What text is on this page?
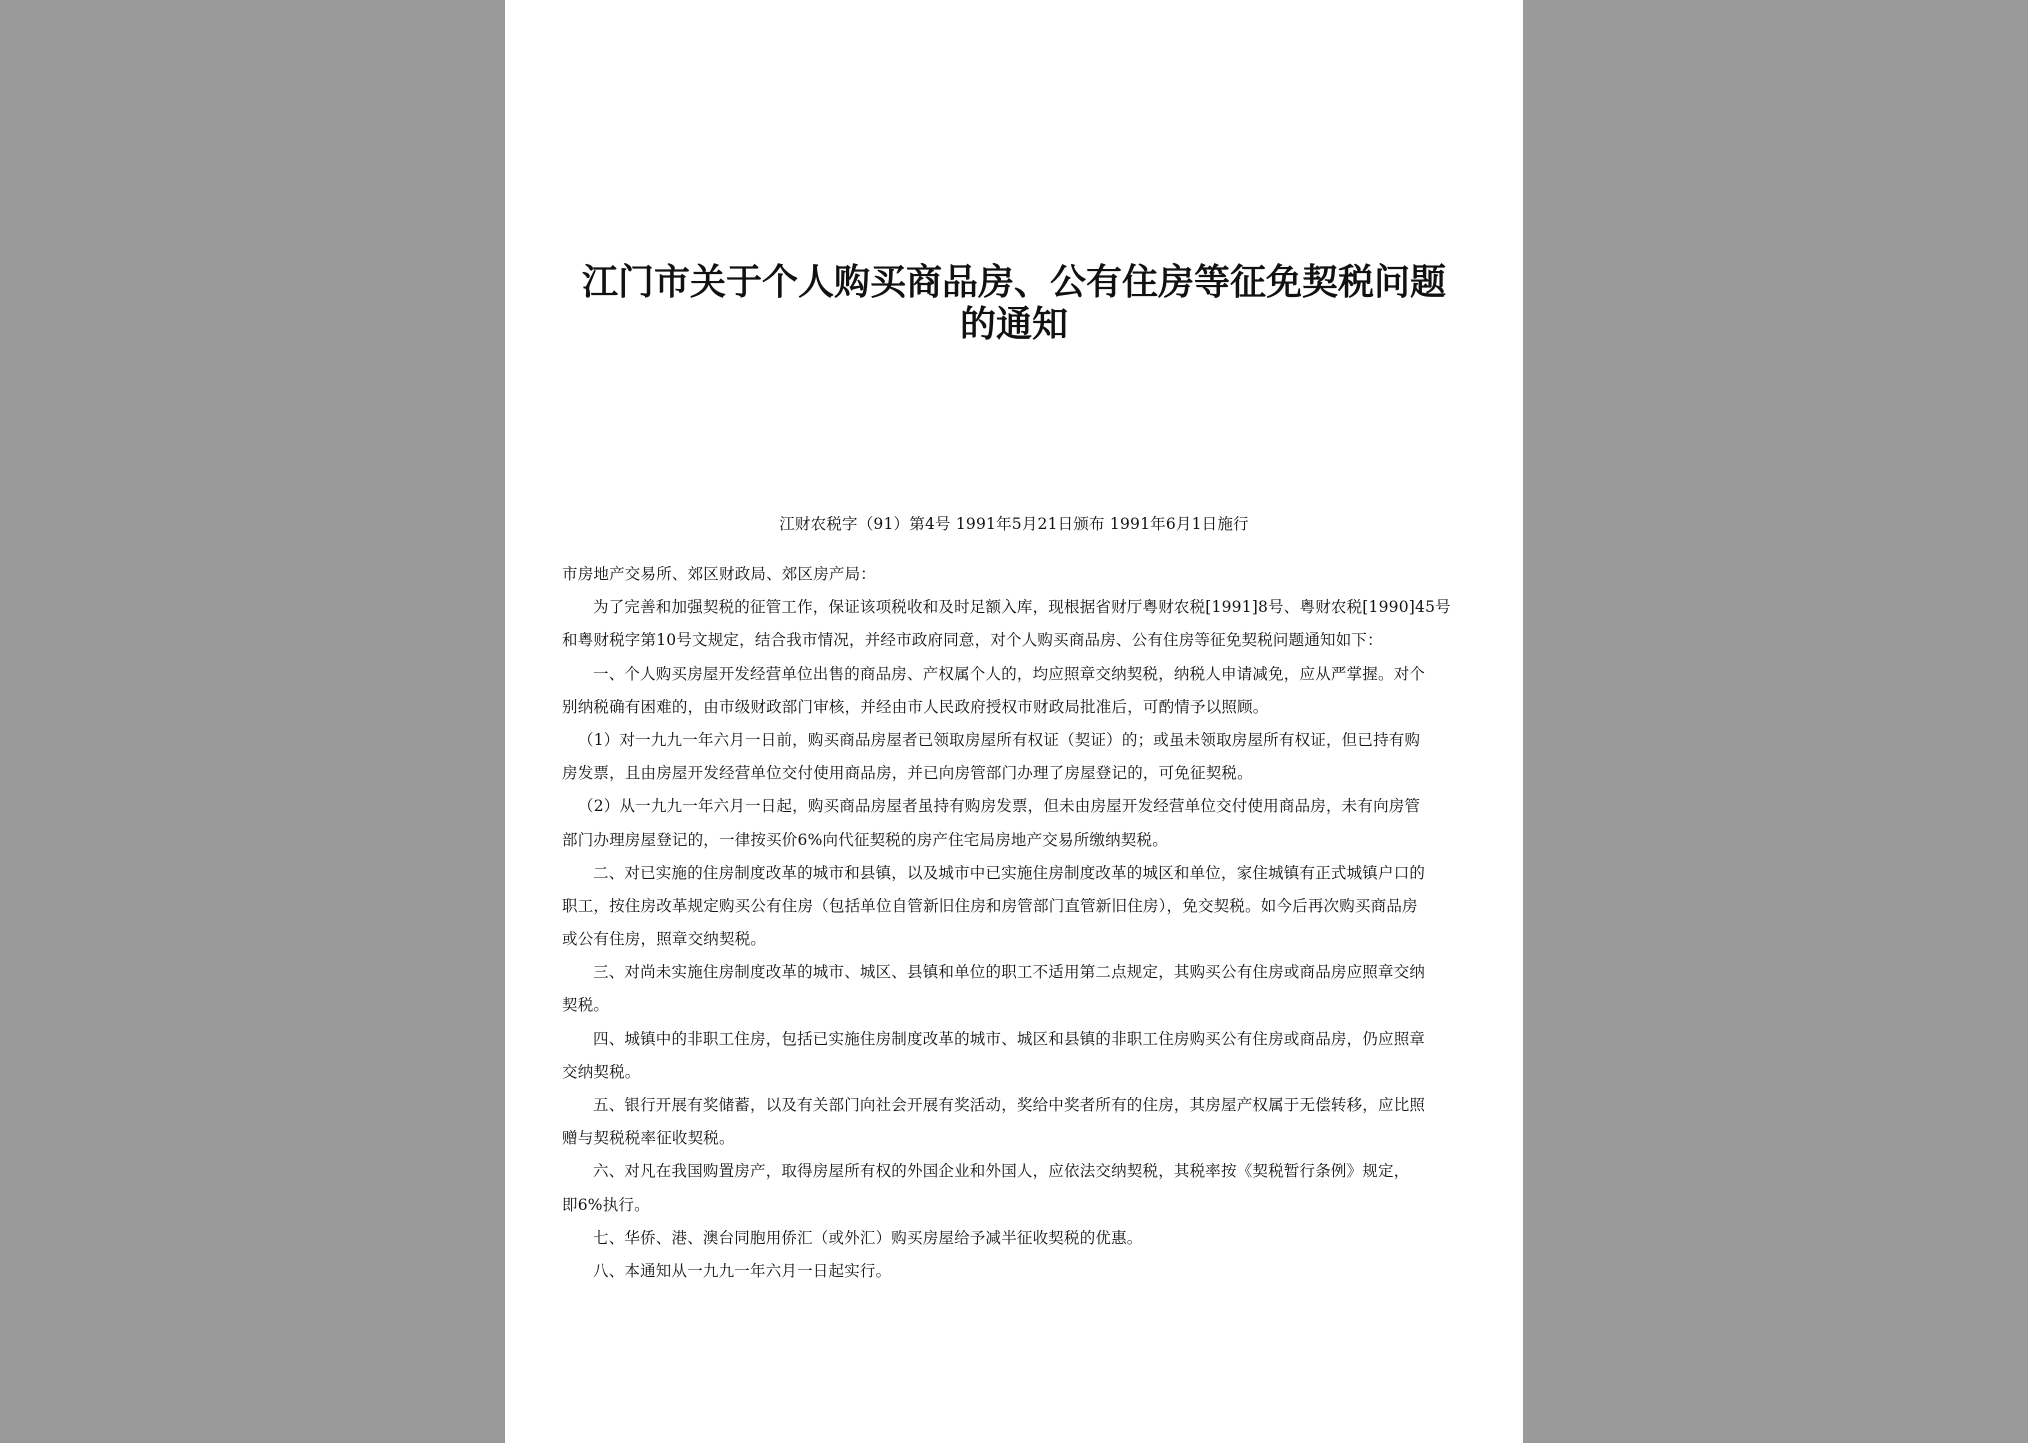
江门市关于个人购买商品房、公有住房等征免契税问题
的通知
江财农税字（91）第4号 1991年5月21日颁布 1991年6月1日施行
市房地产交易所、郊区财政局、郊区房产局：
为了完善和加强契税的征管工作，保证该项税收和及时足额入库，现根据省财厅粤财农税[1991]8号、粤财农税[1990]45号
和粤财税字第10号文规定，结合我市情况，并经市政府同意，对个人购买商品房、公有住房等征免契税问题通知如下：
一、个人购买房屋开发经营单位出售的商品房、产权属个人的，均应照章交纳契税，纳税人申请减免，应从严掌握。对个
别纳税确有困难的，由市级财政部门审核，并经由市人民政府授权市财政局批准后，可酌情予以照顾。
（1）对一九九一年六月一日前，购买商品房屋者已领取房屋所有权证（契证）的；或虽未领取房屋所有权证，但已持有购
房发票，且由房屋开发经营单位交付使用商品房，并已向房管部门办理了房屋登记的，可免征契税。
（2）从一九九一年六月一日起，购买商品房屋者虽持有购房发票，但未由房屋开发经营单位交付使用商品房，未有向房管
部门办理房屋登记的，一律按买价6%向代征契税的房产住宅局房地产交易所缴纳契税。
二、对已实施的住房制度改革的城市和县镇，以及城市中已实施住房制度改革的城区和单位，家住城镇有正式城镇户口的
职工，按住房改革规定购买公有住房（包括单位自管新旧住房和房管部门直管新旧住房），免交契税。如今后再次购买商品房
或公有住房，照章交纳契税。
三、对尚未实施住房制度改革的城市、城区、县镇和单位的职工不适用第二点规定，其购买公有住房或商品房应照章交纳
契税。
四、城镇中的非职工住房，包括已实施住房制度改革的城市、城区和县镇的非职工住房购买公有住房或商品房，仍应照章
交纳契税。
五、银行开展有奖储蓄，以及有关部门向社会开展有奖活动，奖给中奖者所有的住房，其房屋产权属于无偿转移，应比照
赠与契税税率征收契税。
六、对凡在我国购置房产，取得房屋所有权的外国企业和外国人，应依法交纳契税，其税率按《契税暂行条例》规定，
即6%执行。
七、华侨、港、澳台同胞用侨汇（或外汇）购买房屋给予减半征收契税的优惠。
八、本通知从一九九一年六月一日起实行。
